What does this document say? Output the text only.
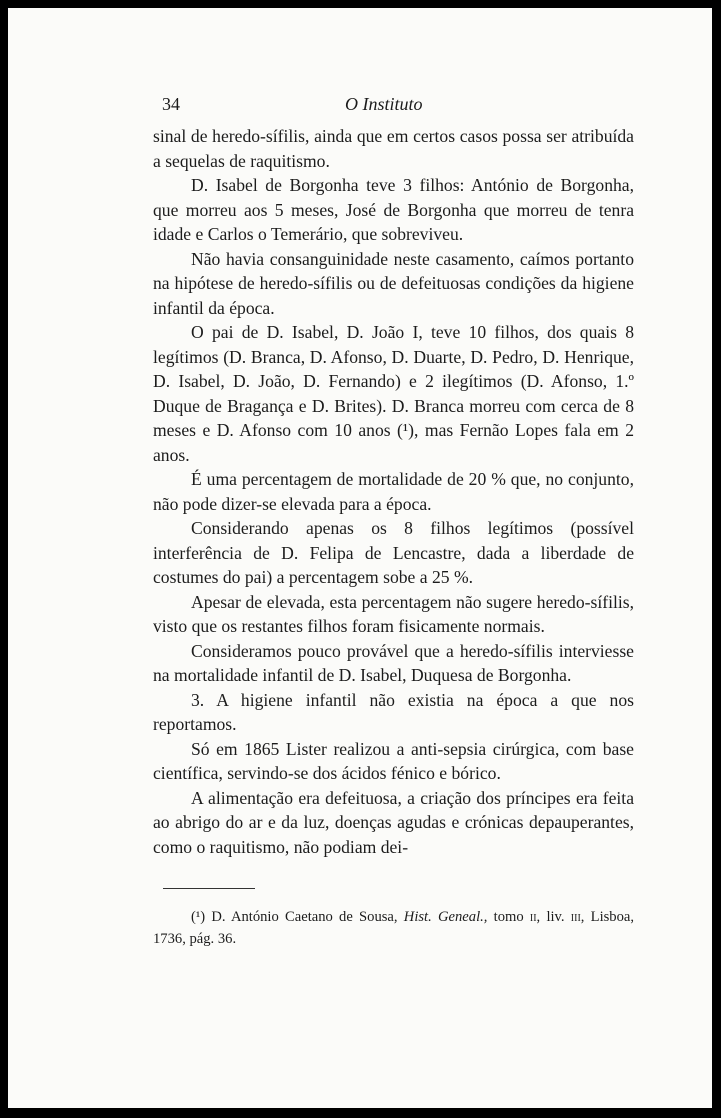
34	O Instituto

sinal de heredo-sífilis, ainda que em certos casos possa ser atribuída a sequelas de raquitismo.

D. Isabel de Borgonha teve 3 filhos: António de Borgonha, que morreu aos 5 meses, José de Borgonha que morreu de tenra idade e Carlos o Temerário, que sobreviveu.

Não havia consanguinidade neste casamento, caímos portanto na hipótese de heredo-sífilis ou de defeituosas condições da higiene infantil da época.

O pai de D. Isabel, D. João I, teve 10 filhos, dos quais 8 legítimos (D. Branca, D. Afonso, D. Duarte, D. Pedro, D. Henrique, D. Isabel, D. João, D. Fernando) e 2 ilegítimos (D. Afonso, 1.º Duque de Bragança e D. Brites). D. Branca morreu com cerca de 8 meses e D. Afonso com 10 anos (¹), mas Fernão Lopes fala em 2 anos.

É uma percentagem de mortalidade de 20 % que, no conjunto, não pode dizer-se elevada para a época.

Considerando apenas os 8 filhos legítimos (possível interferência de D. Felipa de Lencastre, dada a liberdade de costumes do pai) a percentagem sobe a 25 %.

Apesar de elevada, esta percentagem não sugere heredo-sífilis, visto que os restantes filhos foram fisicamente normais.

Consideramos pouco provável que a heredo-sífilis interviesse na mortalidade infantil de D. Isabel, Duquesa de Borgonha.

3. A higiene infantil não existia na época a que nos reportamos.

Só em 1865 Lister realizou a anti-sepsia cirúrgica, com base científica, servindo-se dos ácidos fénico e bórico.

A alimentação era defeituosa, a criação dos príncipes era feita ao abrigo do ar e da luz, doenças agudas e crónicas depauperantes, como o raquitismo, não podiam dei-

(¹) D. António Caetano de Sousa, Hist. Geneal., tomo ii, liv. iii, Lisboa, 1736, pág. 36.
